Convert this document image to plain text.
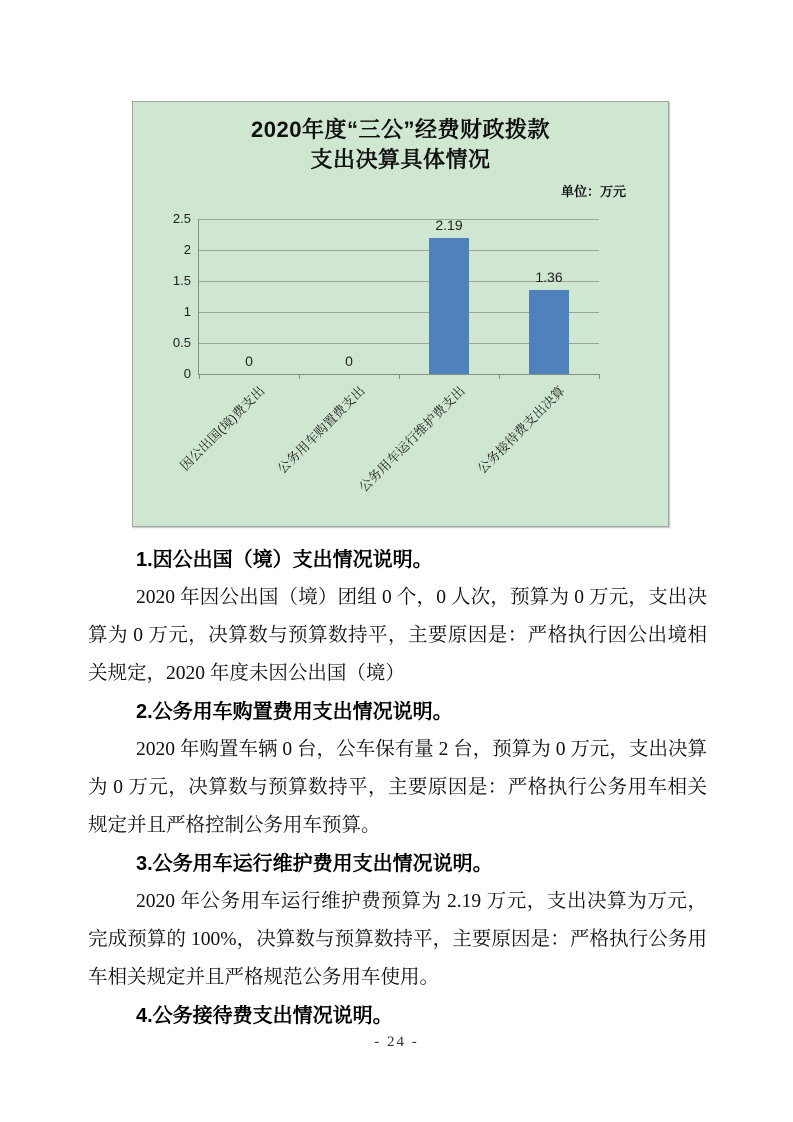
2020年度“三公”经费财政拨款
支出决算具体情况
单位：万元
0
0.5
1
1.5
2
2.5
0
因公出国(境)费支出
0
公务用车购置费支出
2.19
公务用车运行维护费支出
1.36
公务接待费支出决算
1.因公出国（境）支出情况说明。

2020 年因公出国（境）团组 0 个，0 人次，预算为 0 万元，支出决算为 0 万元，决算数与预算数持平，主要原因是：严格执行因公出境相关规定，2020 年度未因公出国（境）

2.公务用车购置费用支出情况说明。

2020 年购置车辆 0 台，公车保有量 2 台，预算为 0 万元，支出决算为 0 万元，决算数与预算数持平，主要原因是：严格执行公务用车相关规定并且严格控制公务用车预算。

3.公务用车运行维护费用支出情况说明。

2020 年公务用车运行维护费预算为 2.19 万元，支出决算为万元，完成预算的 100%，决算数与预算数持平，主要原因是：严格执行公务用车相关规定并且严格规范公务用车使用。

4.公务接待费支出情况说明。
- 24 -
